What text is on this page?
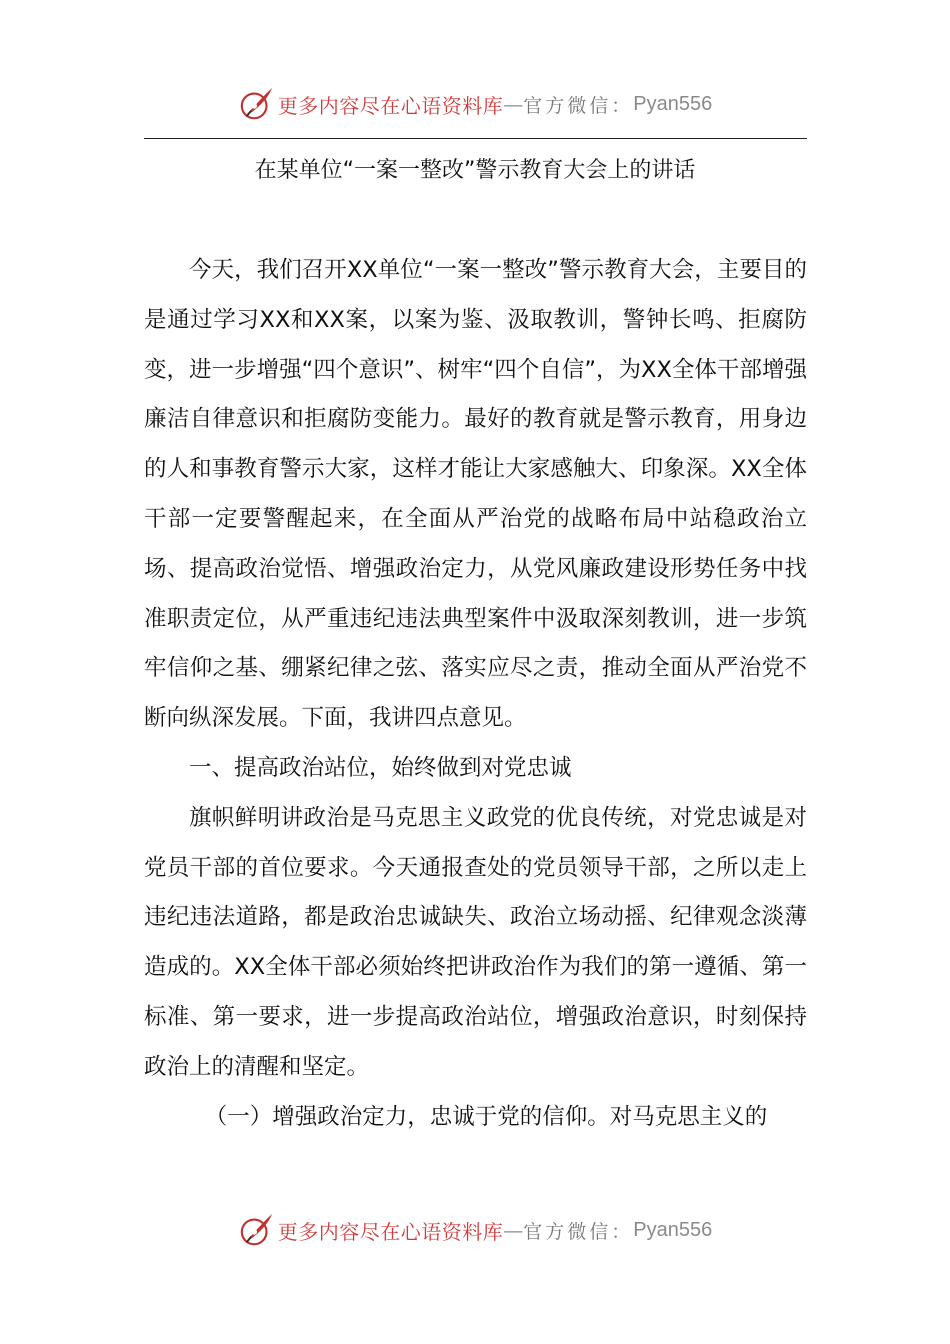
更多内容尽在心语资料库 — 官方微信： Pyan556
在某单位“一案一整改”警示教育大会上的讲话

今天，我们召开XX单位“一案一整改”警示教育大会，主要目的是通过学习XX和XX案，以案为鉴、汲取教训，警钟长鸣、拒腐防变，进一步增强“四个意识”、树牢“四个自信”，为XX全体干部增强廉洁自律意识和拒腐防变能力。最好的教育就是警示教育，用身边的人和事教育警示大家，这样才能让大家感触大、印象深。XX全体干部一定要警醒起来，在全面从严治党的战略布局中站稳政治立场、提高政治觉悟、增强政治定力，从党风廉政建设形势任务中找准职责定位，从严重违纪违法典型案件中汲取深刻教训，进一步筑牢信仰之基、绷紧纪律之弦、落实应尽之责，推动全面从严治党不断向纵深发展。下面，我讲四点意见。

一、提高政治站位，始终做到对党忠诚

旗帜鲜明讲政治是马克思主义政党的优良传统，对党忠诚是对党员干部的首位要求。今天通报查处的党员领导干部，之所以走上违纪违法道路，都是政治忠诚缺失、政治立场动摇、纪律观念淡薄造成的。XX全体干部必须始终把讲政治作为我们的第一遵循、第一标准、第一要求，进一步提高政治站位，增强政治意识，时刻保持政治上的清醒和坚定。

（一）增强政治定力，忠诚于党的信仰。对马克思主义的

更多内容尽在心语资料库 — 官方微信： Pyan556
